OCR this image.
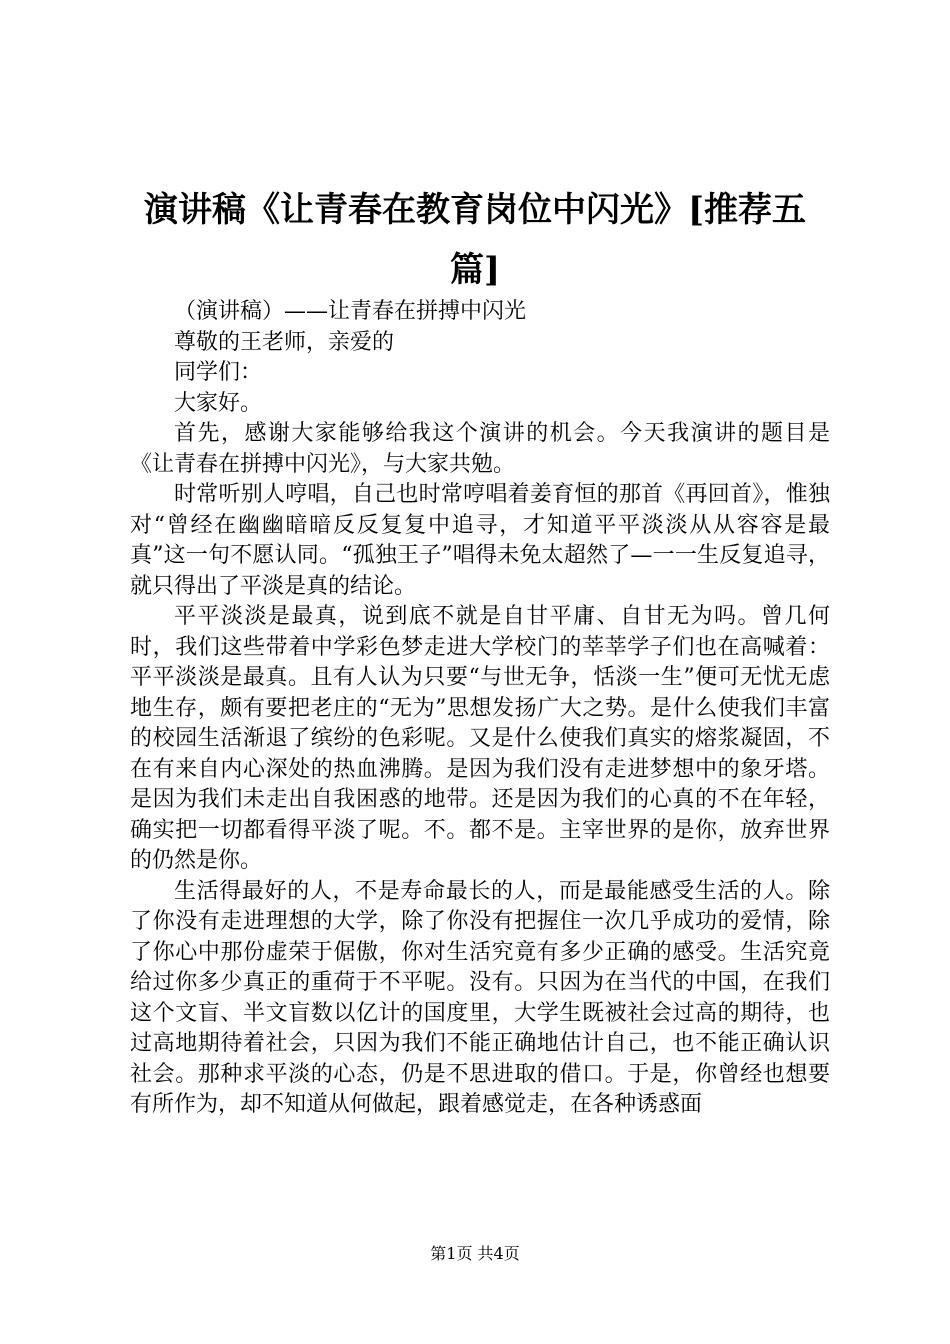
演讲稿《让青春在教育岗位中闪光》[推荐五篇]

（演讲稿）——让青春在拼搏中闪光

尊敬的王老师，亲爱的

同学们：

大家好。

首先，感谢大家能够给我这个演讲的机会。今天我演讲的题目是《让青春在拼搏中闪光》，与大家共勉。

时常听别人哼唱，自己也时常哼唱着姜育恒的那首《再回首》，惟独对“曾经在幽幽暗暗反反复复中追寻，才知道平平淡淡从从容容是最真”这一句不愿认同。“孤独王子”唱得未免太超然了—一一生反复追寻，就只得出了平淡是真的结论。

平平淡淡是最真，说到底不就是自甘平庸、自甘无为吗。曾几何时，我们这些带着中学彩色梦走进大学校门的莘莘学子们也在高喊着：平平淡淡是最真。且有人认为只要“与世无争，恬淡一生”便可无忧无虑地生存，颇有要把老庄的“无为”思想发扬广大之势。是什么使我们丰富的校园生活渐退了缤纷的色彩呢。又是什么使我们真实的熔浆凝固，不在有来自内心深处的热血沸腾。是因为我们没有走进梦想中的象牙塔。是因为我们未走出自我困惑的地带。还是因为我们的心真的不在年轻，确实把一切都看得平淡了呢。不。都不是。主宰世界的是你，放弃世界的仍然是你。

生活得最好的人，不是寿命最长的人，而是最能感受生活的人。除了你没有走进理想的大学，除了你没有把握住一次几乎成功的爱情，除了你心中那份虚荣于倨傲，你对生活究竟有多少正确的感受。生活究竟给过你多少真正的重荷于不平呢。没有。只因为在当代的中国，在我们这个文盲、半文盲数以亿计的国度里，大学生既被社会过高的期待，也过高地期待着社会，只因为我们不能正确地估计自己，也不能正确认识社会。那种求平淡的心态，仍是不思进取的借口。于是，你曾经也想要有所作为，却不知道从何做起，跟着感觉走，在各种诱惑面

第1页 共4页
